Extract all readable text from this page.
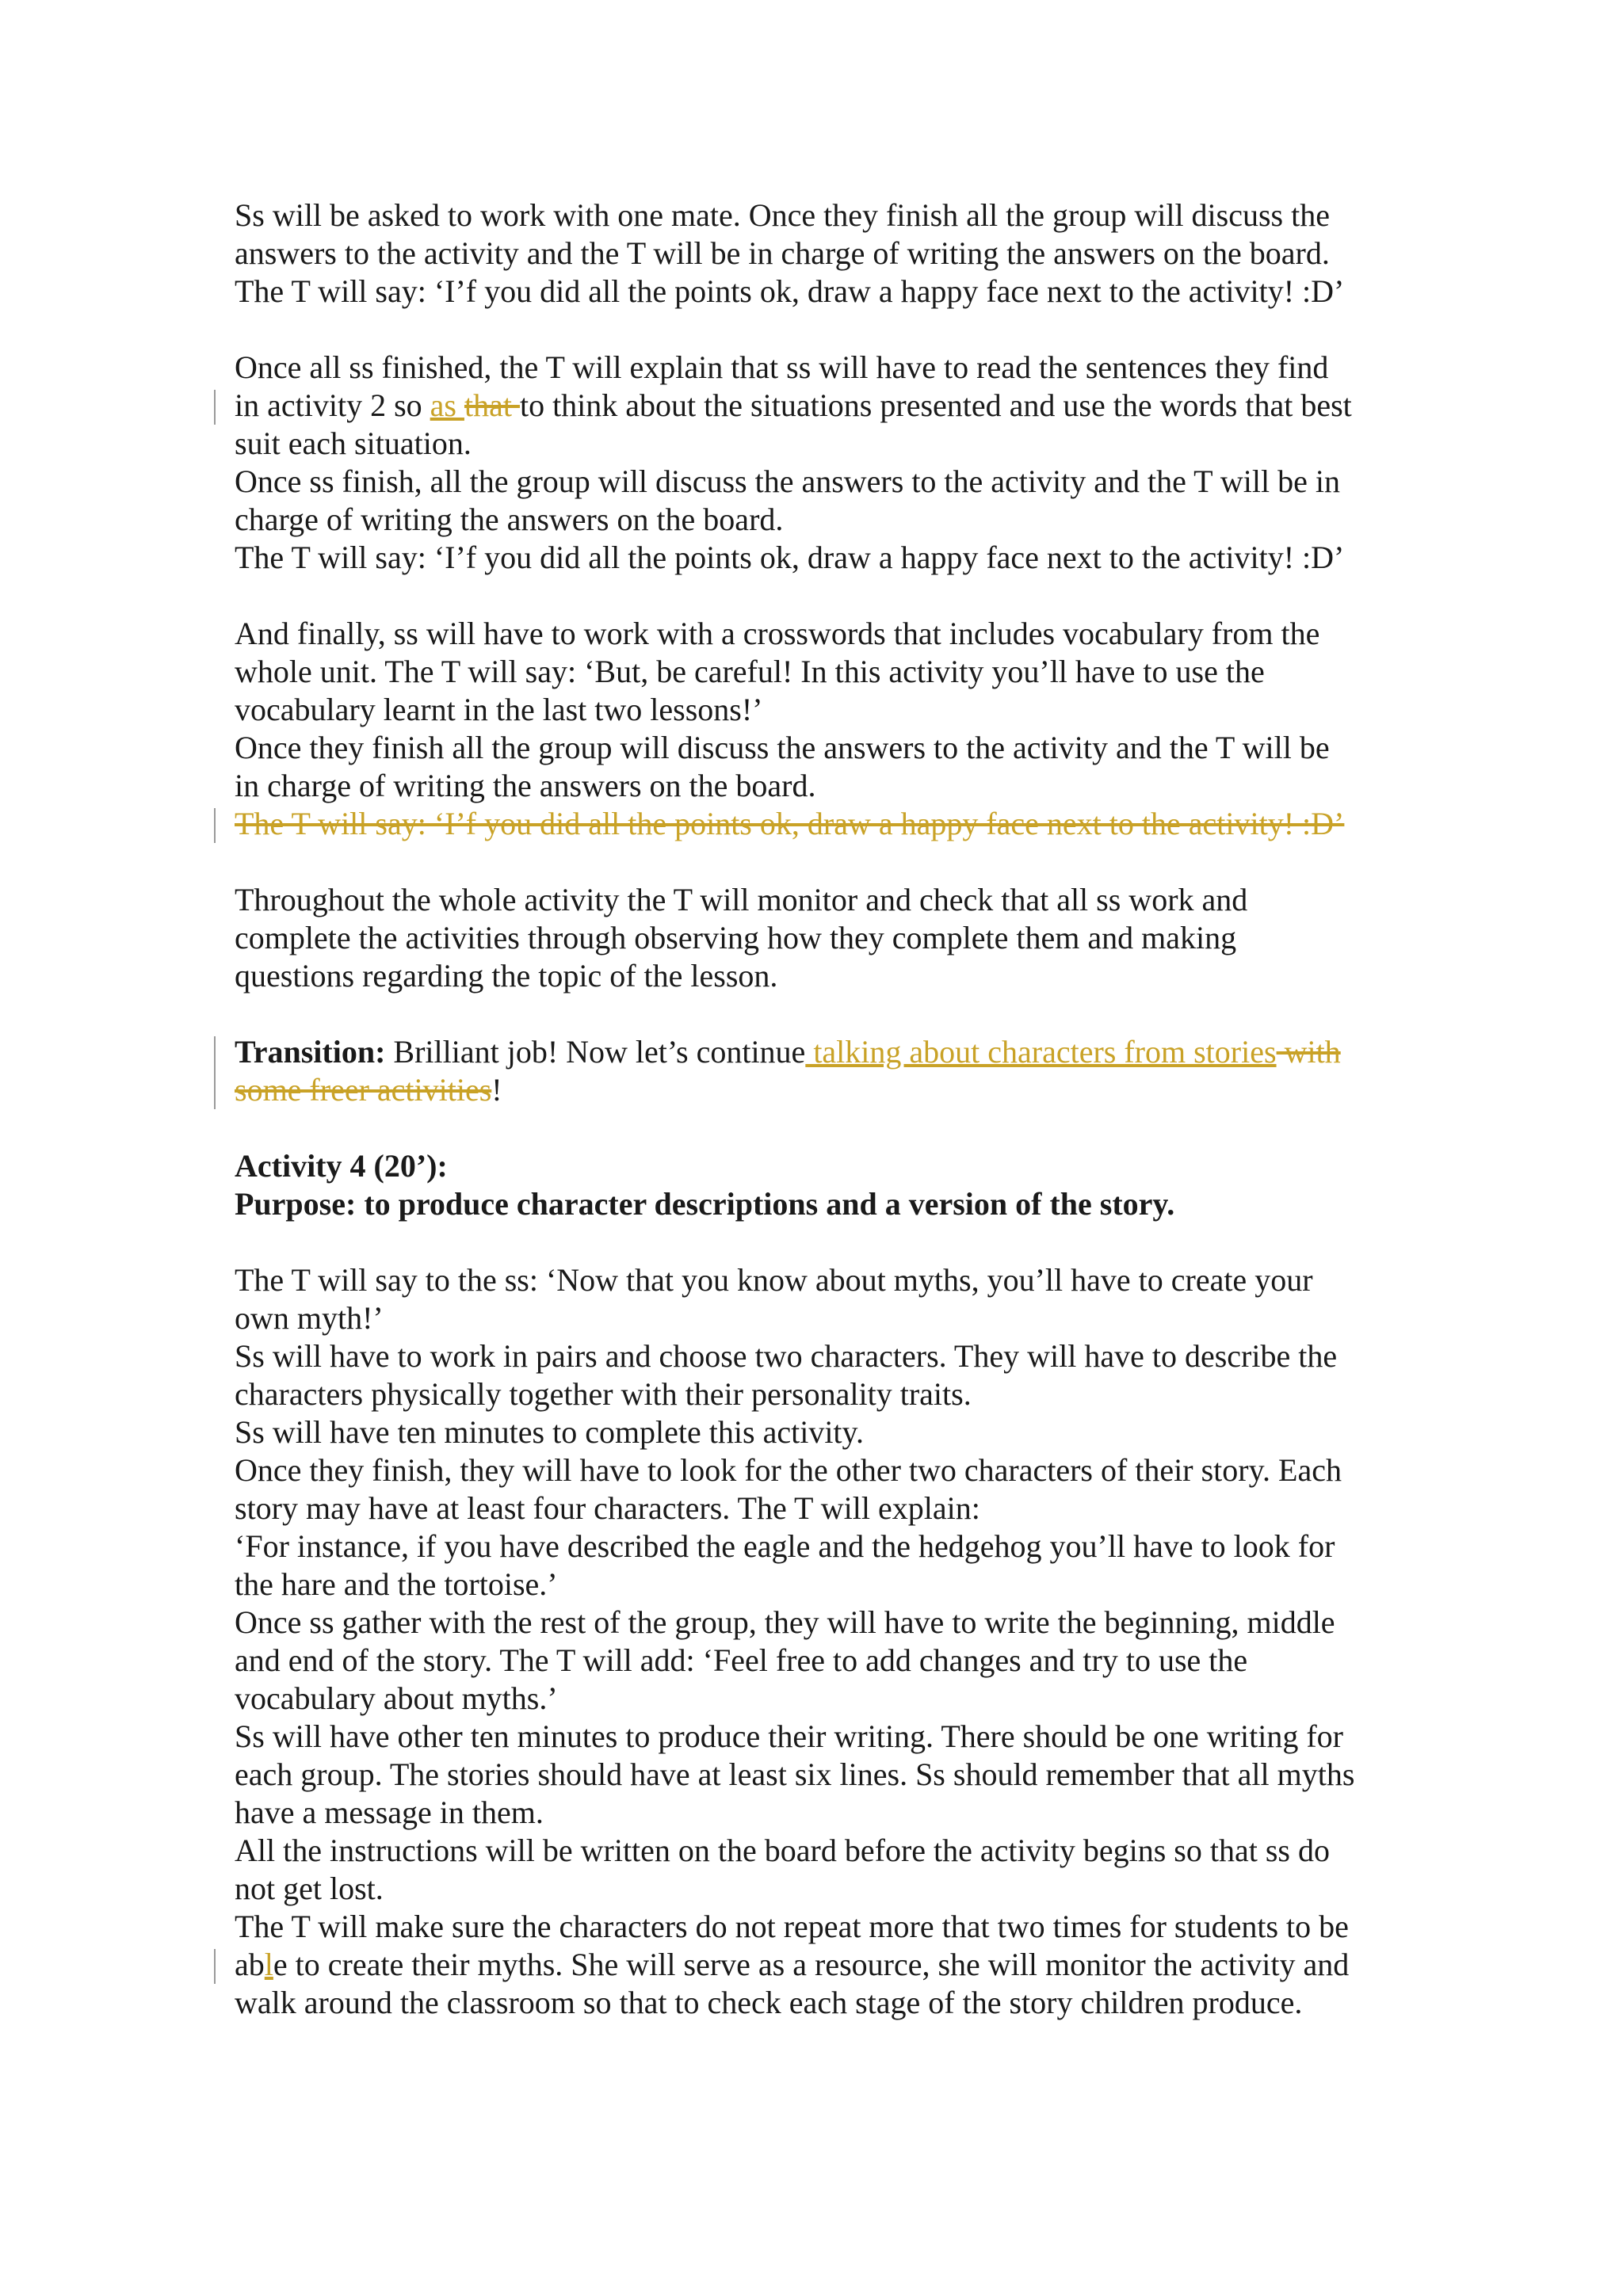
Ss will be asked to work with one mate. Once they finish all the group will discuss the
answers to the activity and the T will be in charge of writing the answers on the board.
The T will say: ‘I’f you did all the points ok, draw a happy face next to the activity! :D’
Once all ss finished, the T will explain that ss will have to read the sentences they find
in activity 2 so as that to think about the situations presented and use the words that best
suit each situation.
Once ss finish, all the group will discuss the answers to the activity and the T will be in
charge of writing the answers on the board.
The T will say: ‘I’f you did all the points ok, draw a happy face next to the activity! :D’
And finally, ss will have to work with a crosswords that includes vocabulary from the
whole unit. The T will say: ‘But, be careful! In this activity you’ll have to use the
vocabulary learnt in the last two lessons!’
Once they finish all the group will discuss the answers to the activity and the T will be
in charge of writing the answers on the board.
The T will say: ‘I’f you did all the points ok, draw a happy face next to the activity! :D’
Throughout the whole activity the T will monitor and check that all ss work and
complete the activities through observing how they complete them and making
questions regarding the topic of the lesson.
Transition: Brilliant job! Now let’s continue talking about characters from stories with
some freer activities!
Activity 4 (20’):
Purpose: to produce character descriptions and a version of the story.
The T will say to the ss: ‘Now that you know about myths, you’ll have to create your
own myth!’
Ss will have to work in pairs and choose two characters. They will have to describe the
characters physically together with their personality traits.
Ss will have ten minutes to complete this activity.
Once they finish, they will have to look for the other two characters of their story. Each
story may have at least four characters. The T will explain:
‘For instance, if you have described the eagle and the hedgehog you’ll have to look for
the hare and the tortoise.’
Once ss gather with the rest of the group, they will have to write the beginning, middle
and end of the story. The T will add: ‘Feel free to add changes and try to use the
vocabulary about myths.’
Ss will have other ten minutes to produce their writing. There should be one writing for
each group. The stories should have at least six lines. Ss should remember that all myths
have a message in them.
All the instructions will be written on the board before the activity begins so that ss do
not get lost.
The T will make sure the characters do not repeat more that two times for students to be
able to create their myths. She will serve as a resource, she will monitor the activity and
walk around the classroom so that to check each stage of the story children produce.
